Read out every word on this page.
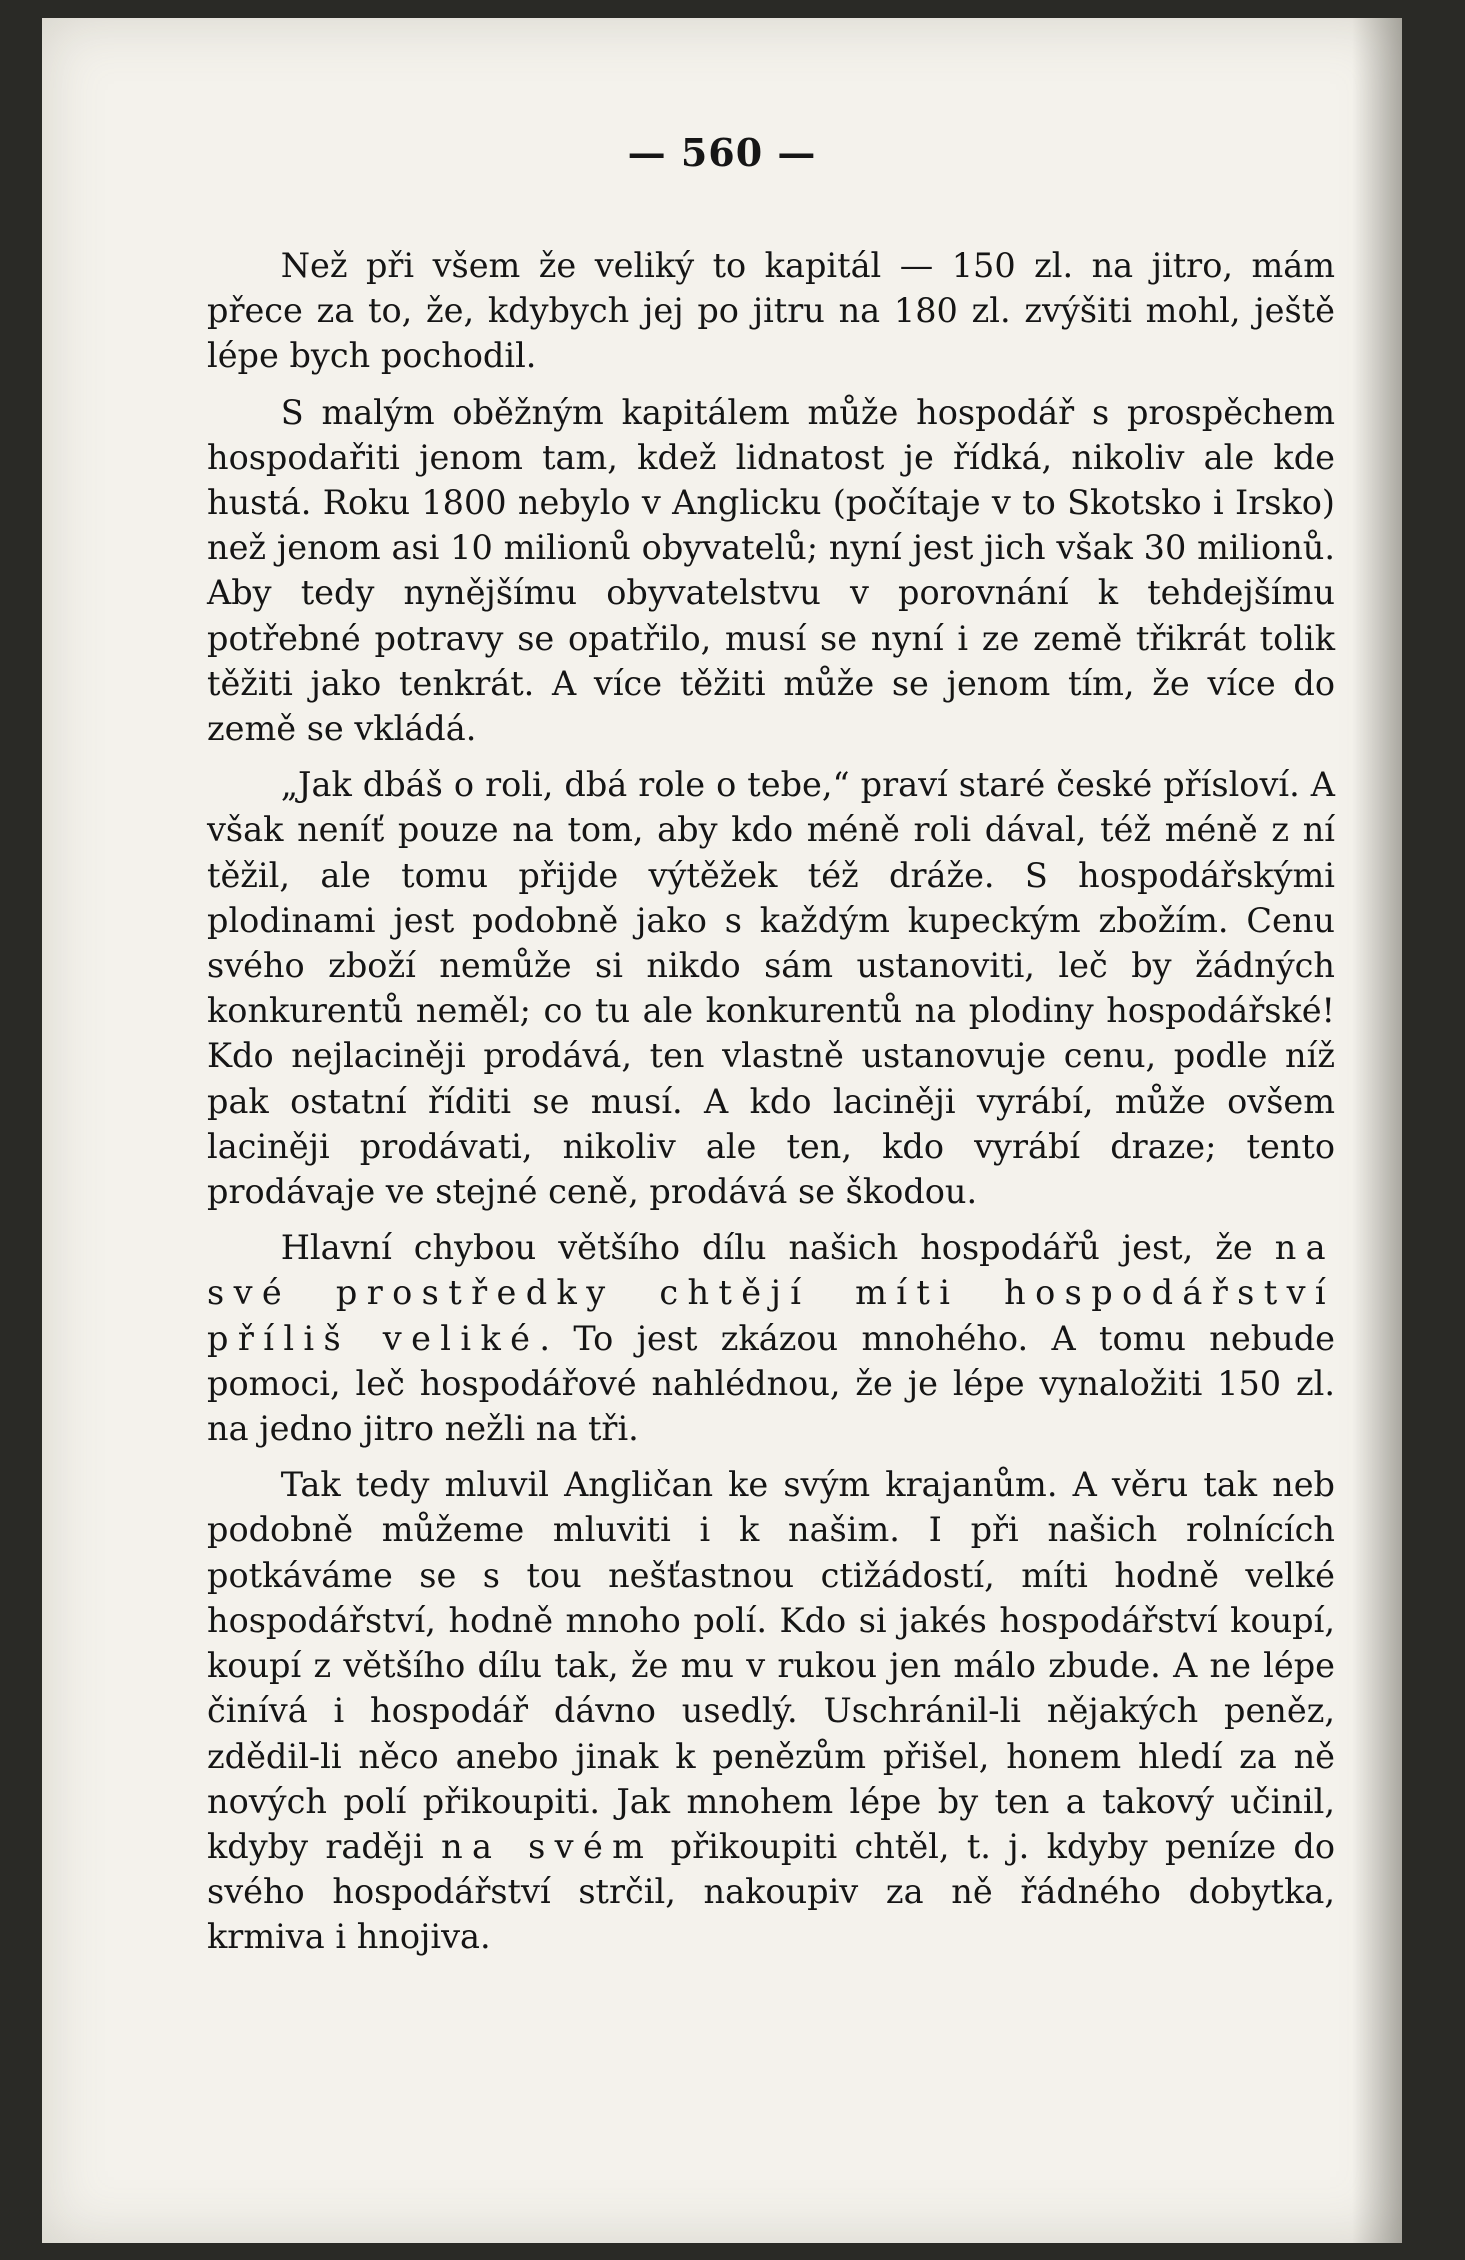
— 560 —

Než při všem že veliký to kapitál — 150 zl. na jitro, mám přece za to, že, kdybych jej po jitru na 180 zl. zvýšiti mohl, ještě lépe bych pochodil.

S malým oběžným kapitálem může hospodář s prospěchem hospodařiti jenom tam, kdež lidnatost je řídká, nikoliv ale kde hustá. Roku 1800 nebylo v Anglicku (počítaje v to Skotsko i Irsko) než jenom asi 10 milionů obyvatelů; nyní jest jich však 30 milionů. Aby tedy nynějšímu obyvatelstvu v porovnání k tehdejšímu potřebné potravy se opatřilo, musí se nyní i ze země třikrát tolik těžiti jako tenkrát. A více těžiti může se jenom tím, že více do země se vkládá.

„Jak dbáš o roli, dbá role o tebe,“ praví staré české přísloví. A však neníť pouze na tom, aby kdo méně roli dával, též méně z ní těžil, ale tomu přijde výtěžek též dráže. S hospodářskými plodinami jest podobně jako s každým kupeckým zbožím. Cenu svého zboží nemůže si nikdo sám ustanoviti, leč by žádných konkurentů neměl; co tu ale konkurentů na plodiny hospodářské! Kdo nejlaciněji prodává, ten vlastně ustanovuje cenu, podle níž pak ostatní říditi se musí. A kdo laciněji vyrábí, může ovšem laciněji prodávati, nikoliv ale ten, kdo vyrábí draze; tento prodávaje ve stejné ceně, prodává se škodou.

Hlavní chybou většího dílu našich hospodářů jest, že na své prostředky chtějí míti hospodářství příliš veliké. To jest zkázou mnohého. A tomu nebude pomoci, leč hospodářové nahlédnou, že je lépe vynaložiti 150 zl. na jedno jitro nežli na tři.

Tak tedy mluvil Angličan ke svým krajanům. A věru tak neb podobně můžeme mluviti i k našim. I při našich rolnících potkáváme se s tou nešťastnou ctižádostí, míti hodně velké hospodářství, hodně mnoho polí. Kdo si jakés hospodářství koupí, koupí z většího dílu tak, že mu v rukou jen málo zbude. A ne lépe činívá i hospodář dávno usedlý. Uschránil-li nějakých peněz, zdědil-li něco anebo jinak k penězům přišel, honem hledí za ně nových polí přikoupiti. Jak mnohem lépe by ten a takový učinil, kdyby raději na svém přikoupiti chtěl, t. j. kdyby peníze do svého hospodářství strčil, nakoupiv za ně řádného dobytka, krmiva i hnojiva.
